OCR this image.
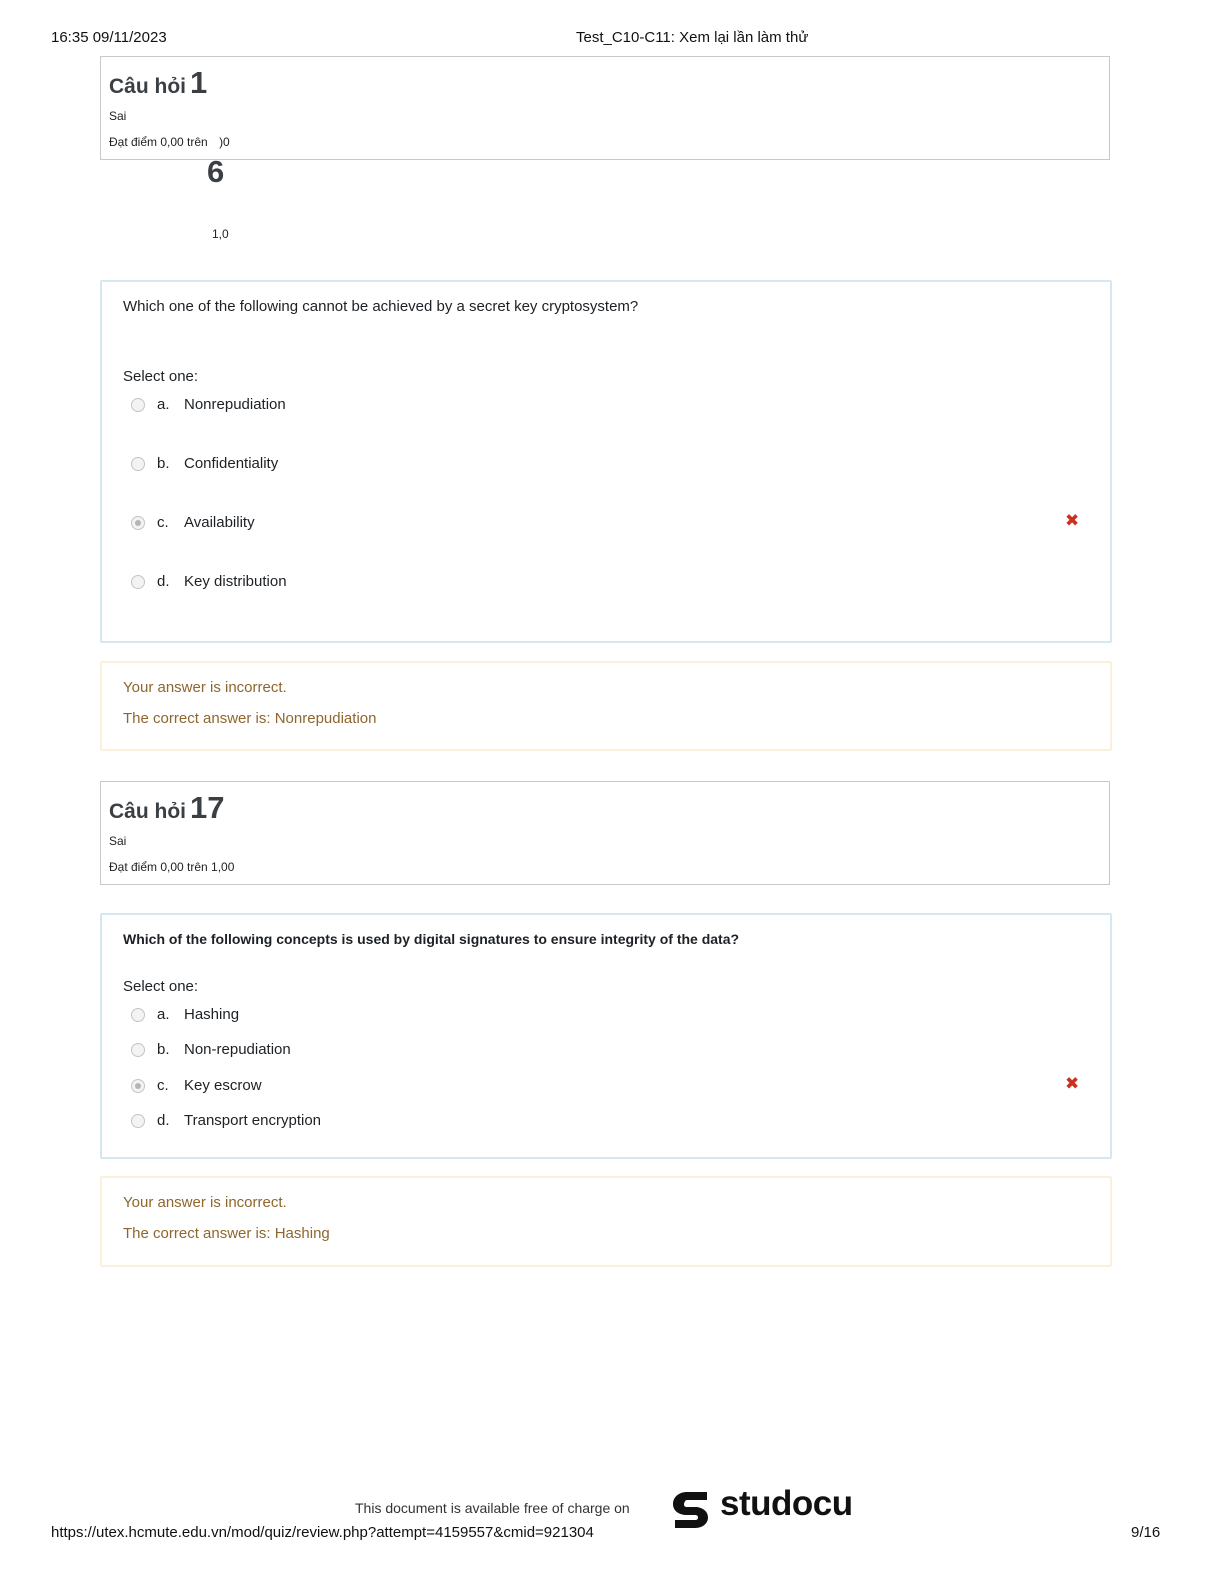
16:35 09/11/2023	Test_C10-C11: Xem lại lần làm thử
Câu hỏi 1
Sai
Đạt điểm 0,00 trên )0
6
1,0
Which one of the following cannot be achieved by a secret key cryptosystem?
Select one:
a. Nonrepudiation
b. Confidentiality
c. Availability	✖
d. Key distribution
Your answer is incorrect.
The correct answer is: Nonrepudiation
Câu hỏi 17
Sai
Đạt điểm 0,00 trên 1,00
Which of the following concepts is used by digital signatures to ensure integrity of the data?
Select one:
a. Hashing
b. Non-repudiation
c. Key escrow	✖
d. Transport encryption
Your answer is incorrect.
The correct answer is: Hashing
This document is available free of charge on	studocu
https://utex.hcmute.edu.vn/mod/quiz/review.php?attempt=4159557&cmid=921304	9/16
